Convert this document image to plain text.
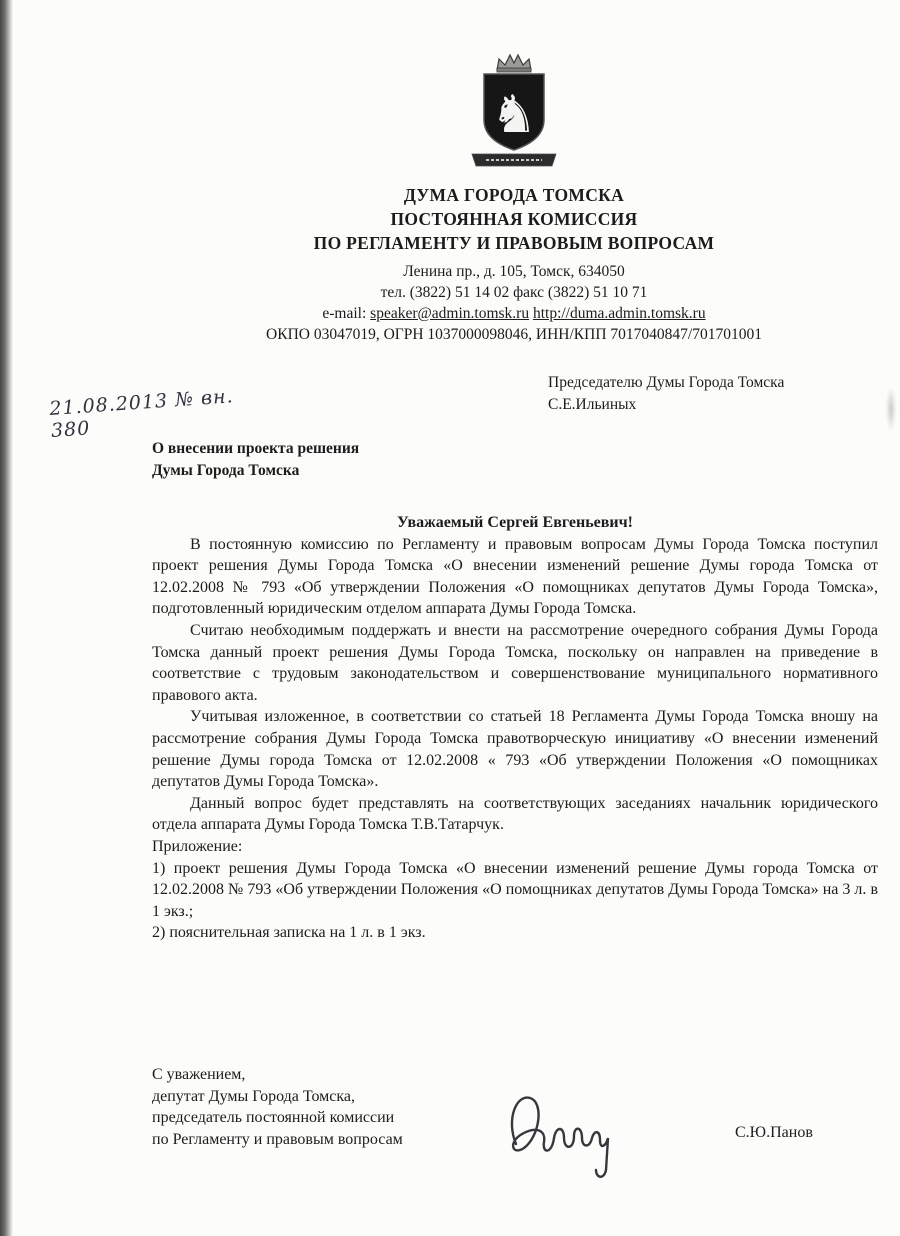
♞
ДУМА ГОРОДА ТОМСКА
ПОСТОЯННАЯ КОМИССИЯ
ПО РЕГЛАМЕНТУ И ПРАВОВЫМ ВОПРОСАМ
Ленина пр., д. 105, Томск, 634050
тел. (3822) 51 14 02 факс (3822) 51 10 71
e-mail: speaker@admin.tomsk.ru http://duma.admin.tomsk.ru
ОКПО 03047019, ОГРН 1037000098046, ИНН/КПП 7017040847/701701001
21.08.2013 № вн. 380
Председателю Думы Города Томска
С.Е.Ильиных
О внесении проекта решения
Думы Города Томска

Уважаемый Сергей Евгеньевич!

В постоянную комиссию по Регламенту и правовым вопросам Думы Города Томска поступил проект решения Думы Города Томска «О внесении изменений решение Думы города Томска от 12.02.2008 № 793 «Об утверждении Положения «О помощниках депутатов Думы Города Томска», подготовленный юридическим отделом аппарата Думы Города Томска.

Считаю необходимым поддержать и внести на рассмотрение очередного собрания Думы Города Томска данный проект решения Думы Города Томска, поскольку он направлен на приведение в соответствие с трудовым законодательством и совершенствование муниципального нормативного правового акта.

Учитывая изложенное, в соответствии со статьей 18 Регламента Думы Города Томска вношу на рассмотрение собрания Думы Города Томска правотворческую инициативу «О внесении изменений решение Думы города Томска от 12.02.2008 « 793 «Об утверждении Положения «О помощниках депутатов Думы Города Томска».

Данный вопрос будет представлять на соответствующих заседаниях начальник юридического отдела аппарата Думы Города Томска Т.В.Татарчук.

Приложение:

1) проект решения Думы Города Томска «О внесении изменений решение Думы города Томска от 12.02.2008 № 793 «Об утверждении Положения «О помощниках депутатов Думы Города Томска» на 3 л. в 1 экз.;

2) пояснительная записка на 1 л. в 1 экз.

С уважением,
депутат Думы Города Томска,
председатель постоянной комиссии
по Регламенту и правовым вопросам	С.Ю.Панов
